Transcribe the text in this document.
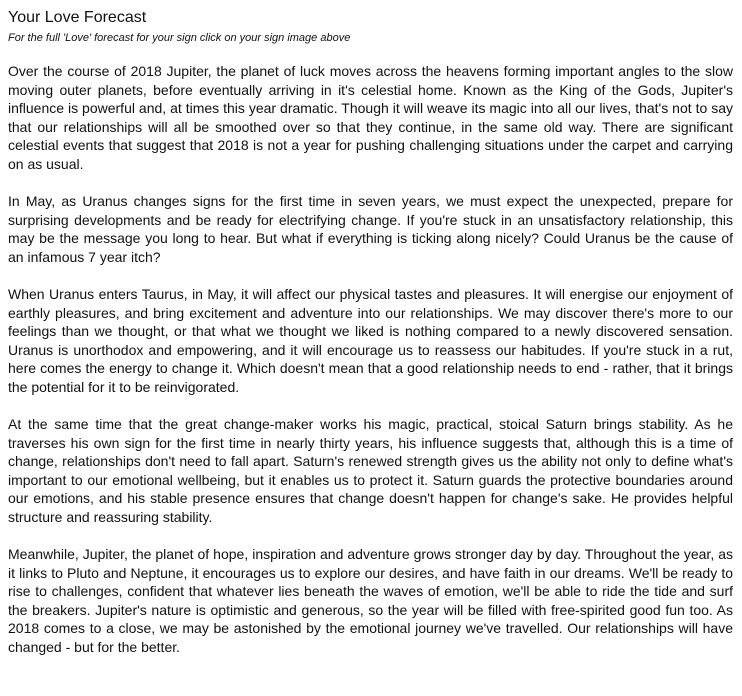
Your Love Forecast

For the full 'Love' forecast for your sign click on your sign image above

Over the course of 2018 Jupiter, the planet of luck moves across the heavens forming important angles to the slow moving outer planets, before eventually arriving in it's celestial home. Known as the King of the Gods, Jupiter's influence is powerful and, at times this year dramatic. Though it will weave its magic into all our lives, that's not to say that our relationships will all be smoothed over so that they continue, in the same old way. There are significant celestial events that suggest that 2018 is not a year for pushing challenging situations under the carpet and carrying on as usual.

In May, as Uranus changes signs for the first time in seven years, we must expect the unexpected, prepare for surprising developments and be ready for electrifying change. If you're stuck in an unsatisfactory relationship, this may be the message you long to hear. But what if everything is ticking along nicely? Could Uranus be the cause of an infamous 7 year itch?

When Uranus enters Taurus, in May, it will affect our physical tastes and pleasures. It will energise our enjoyment of earthly pleasures, and bring excitement and adventure into our relationships. We may discover there's more to our feelings than we thought, or that what we thought we liked is nothing compared to a newly discovered sensation. Uranus is unorthodox and empowering, and it will encourage us to reassess our habitudes. If you're stuck in a rut, here comes the energy to change it. Which doesn't mean that a good relationship needs to end - rather, that it brings the potential for it to be reinvigorated.

At the same time that the great change-maker works his magic, practical, stoical Saturn brings stability. As he traverses his own sign for the first time in nearly thirty years, his influence suggests that, although this is a time of change, relationships don't need to fall apart. Saturn's renewed strength gives us the ability not only to define what's important to our emotional wellbeing, but it enables us to protect it. Saturn guards the protective boundaries around our emotions, and his stable presence ensures that change doesn't happen for change's sake. He provides helpful structure and reassuring stability.

Meanwhile, Jupiter, the planet of hope, inspiration and adventure grows stronger day by day. Throughout the year, as it links to Pluto and Neptune, it encourages us to explore our desires, and have faith in our dreams. We'll be ready to rise to challenges, confident that whatever lies beneath the waves of emotion, we'll be able to ride the tide and surf the breakers. Jupiter's nature is optimistic and generous, so the year will be filled with free-spirited good fun too. As 2018 comes to a close, we may be astonished by the emotional journey we've travelled. Our relationships will have changed - but for the better.
